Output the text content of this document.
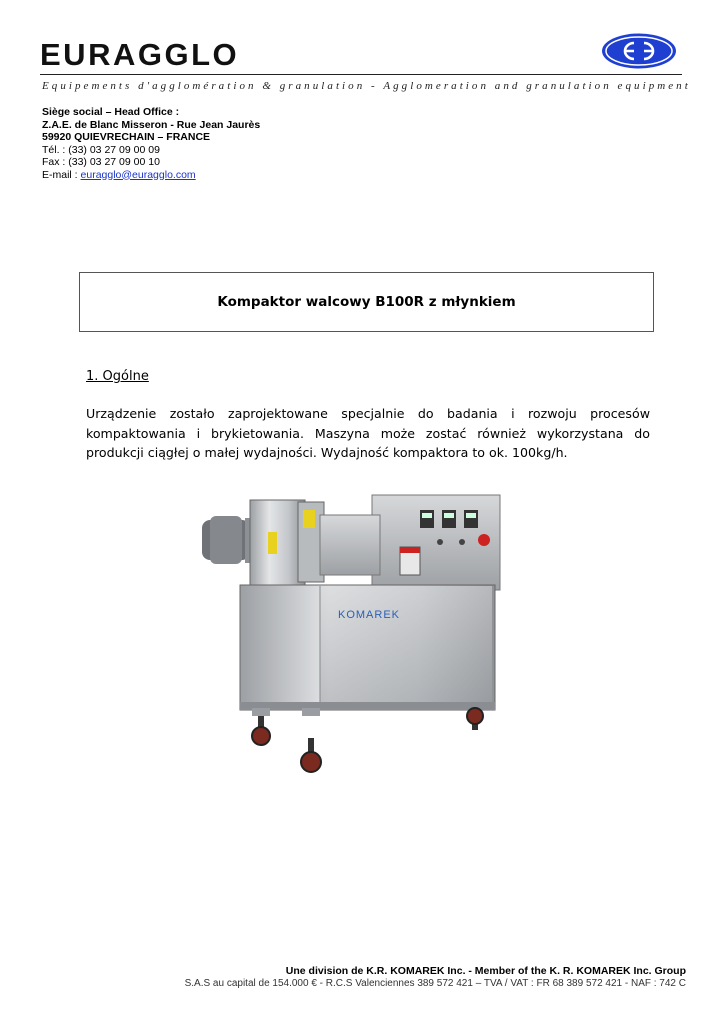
EURAGGLO
Equipements d'agglomération & granulation - Agglomeration and granulation equipment
Siège social – Head Office :
Z.A.E. de Blanc Misseron - Rue Jean Jaurès
59920 QUIEVRECHAIN – FRANCE
Tél. : (33) 03 27 09 00 09
Fax : (33) 03 27 09 00 10
E-mail : euragglo@euragglo.com
Kompaktor walcowy B100R z młynkiem
1. Ogólne
Urządzenie zostało zaprojektowane specjalnie do badania i rozwoju procesów kompaktowania i brykietowania. Maszyna może zostać również wykorzystana do produkcji ciągłej o małej wydajności. Wydajność kompaktora to ok. 100kg/h.
KOMAREK
Une division de K.R. KOMAREK Inc. - Member of the K. R. KOMAREK Inc. Group
S.A.S au capital de 154.000 € - R.C.S Valenciennes 389 572 421 – TVA / VAT : FR 68 389 572 421 - NAF : 742 C
